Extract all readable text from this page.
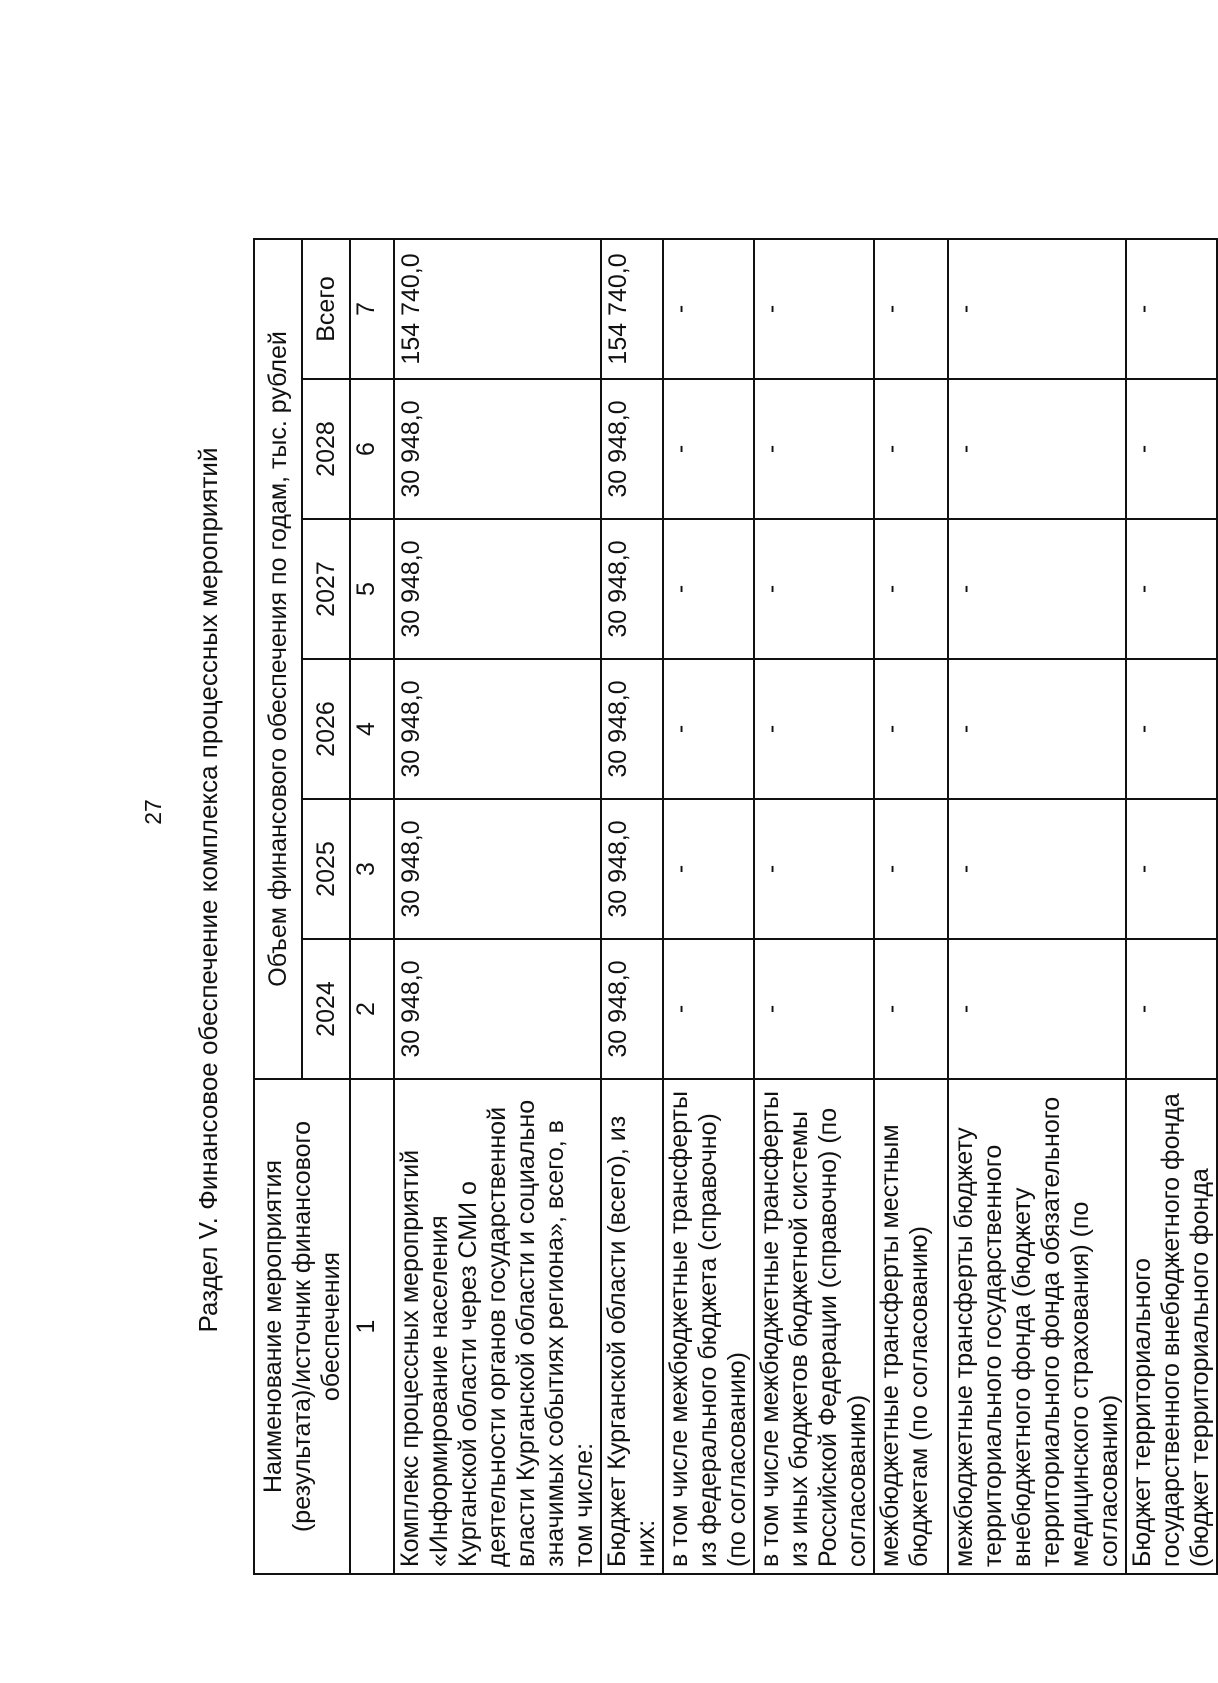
27 Раздел V. Финансовое обеспечение комплекса процессных мероприятий Наименование мероприятия (результата)/источник финансового обеспечения	Объем финансового обеспечения по годам, тыс. рублей					
	2024	2025	2026	2027	2028	Всего
1	2	3	4	5	6	7
Комплекс процессных мероприятий «Информирование населения Курганской области через СМИ о деятельности органов государственной власти Курганской области и социально значимых событиях региона», всего, в том числе:	30 948,0	30 948,0	30 948,0	30 948,0	30 948,0	154 740,0
Бюджет Курганской области (всего), из них:	30 948,0	30 948,0	30 948,0	30 948,0	30 948,0	154 740,0
в том числе межбюджетные трансферты из федерального бюджета (справочно) (по согласованию)	-	-	-	-	-	-
в том числе межбюджетные трансферты из иных бюджетов бюджетной системы Российской Федерации (справочно) (по согласованию)	-	-	-	-	-	-
межбюджетные трансферты местным бюджетам (по согласованию)	-	-	-	-	-	-
межбюджетные трансферты бюджету территориального государственного внебюджетного фонда (бюджету территориального фонда обязательного медицинского страхования) (по согласованию)	-	-	-	-	-	-
Бюджет территориального государственного внебюджетного фонда (бюджет территориального фонда	-	-	-	-	-	-
